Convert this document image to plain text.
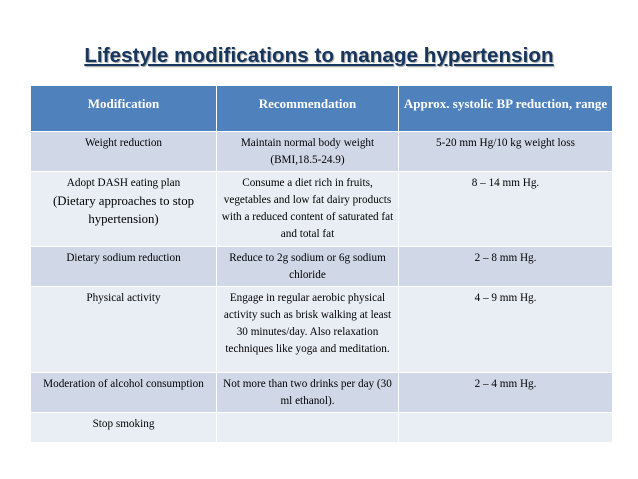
Lifestyle modifications to manage hypertension
Modification	Recommendation	Approx. systolic BP reduction, range
Weight reduction	Maintain normal body weight (BMI,18.5-24.9)	5-20 mm Hg/10 kg weight loss

Adopt DASH eating plan
(Dietary approaches to stop hypertension)	Consume a diet rich in fruits, vegetables and low fat dairy products with a reduced content of saturated fat and total fat	8 – 14 mm Hg.
Dietary sodium reduction	Reduce to 2g sodium or 6g sodium chloride	2 – 8 mm Hg.
Physical activity	Engage in regular aerobic physical activity such as brisk walking at least 30 minutes/day. Also relaxation techniques like yoga and meditation.	4 – 9 mm Hg.
Moderation of alcohol consumption	Not more than two drinks per day (30 ml ethanol).	2 – 4 mm Hg.
Stop smoking		
